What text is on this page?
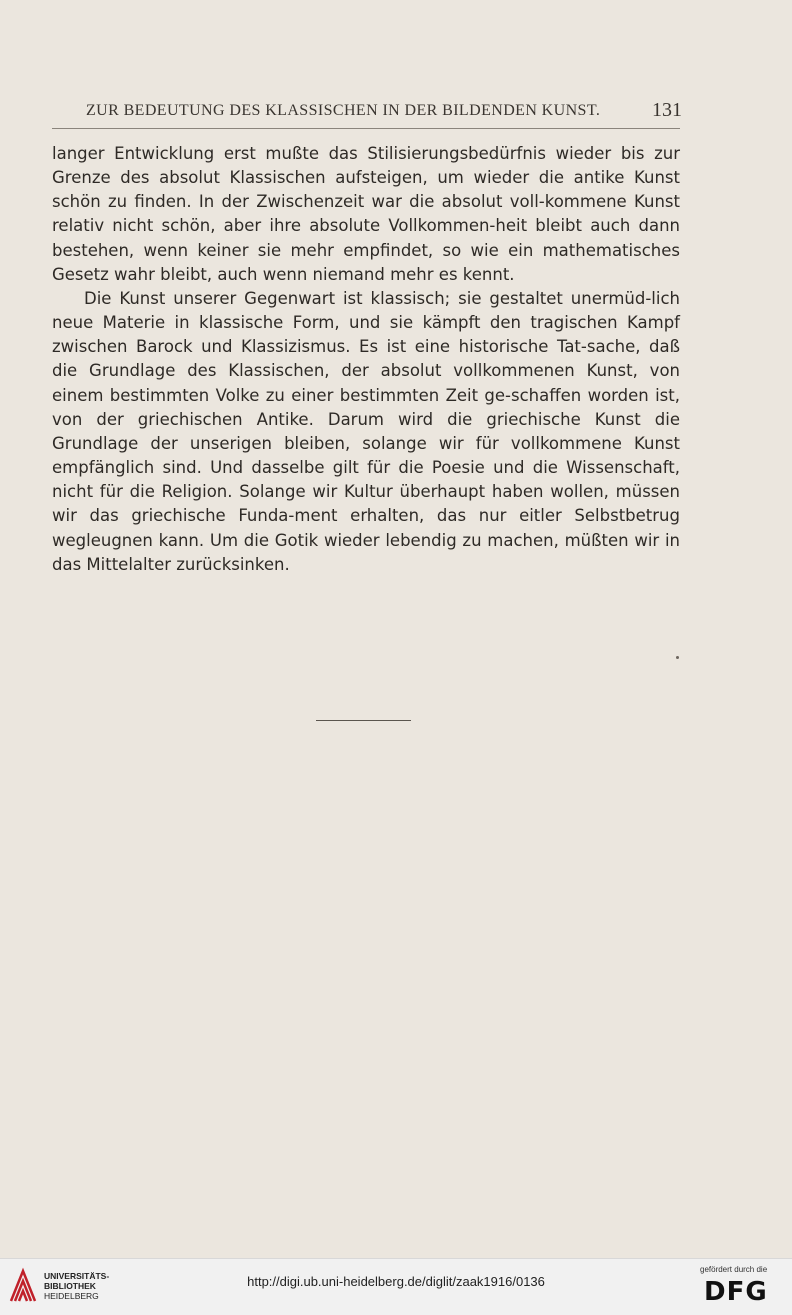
ZUR BEDEUTUNG DES KLASSISCHEN IN DER BILDENDEN KUNST.	131

langer Entwicklung erst mußte das Stilisierungsbedürfnis wieder bis zur Grenze des absolut Klassischen aufsteigen, um wieder die antike Kunst schön zu finden. In der Zwischenzeit war die absolut voll-kommene Kunst relativ nicht schön, aber ihre absolute Vollkommen-heit bleibt auch dann bestehen, wenn keiner sie mehr empfindet, so wie ein mathematisches Gesetz wahr bleibt, auch wenn niemand mehr es kennt.

Die Kunst unserer Gegenwart ist klassisch; sie gestaltet unermüd-lich neue Materie in klassische Form, und sie kämpft den tragischen Kampf zwischen Barock und Klassizismus. Es ist eine historische Tat-sache, daß die Grundlage des Klassischen, der absolut vollkommenen Kunst, von einem bestimmten Volke zu einer bestimmten Zeit ge-schaffen worden ist, von der griechischen Antike. Darum wird die griechische Kunst die Grundlage der unserigen bleiben, solange wir für vollkommene Kunst empfänglich sind. Und dasselbe gilt für die Poesie und die Wissenschaft, nicht für die Religion. Solange wir Kultur überhaupt haben wollen, müssen wir das griechische Funda-ment erhalten, das nur eitler Selbstbetrug wegleugnen kann. Um die Gotik wieder lebendig zu machen, müßten wir in das Mittelalter zurücksinken.

UNIVERSITÄTS-
BIBLIOTHEK
HEIDELBERG
http://digi.ub.uni-heidelberg.de/diglit/zaak1916/0136
gefördert durch die
DFG
